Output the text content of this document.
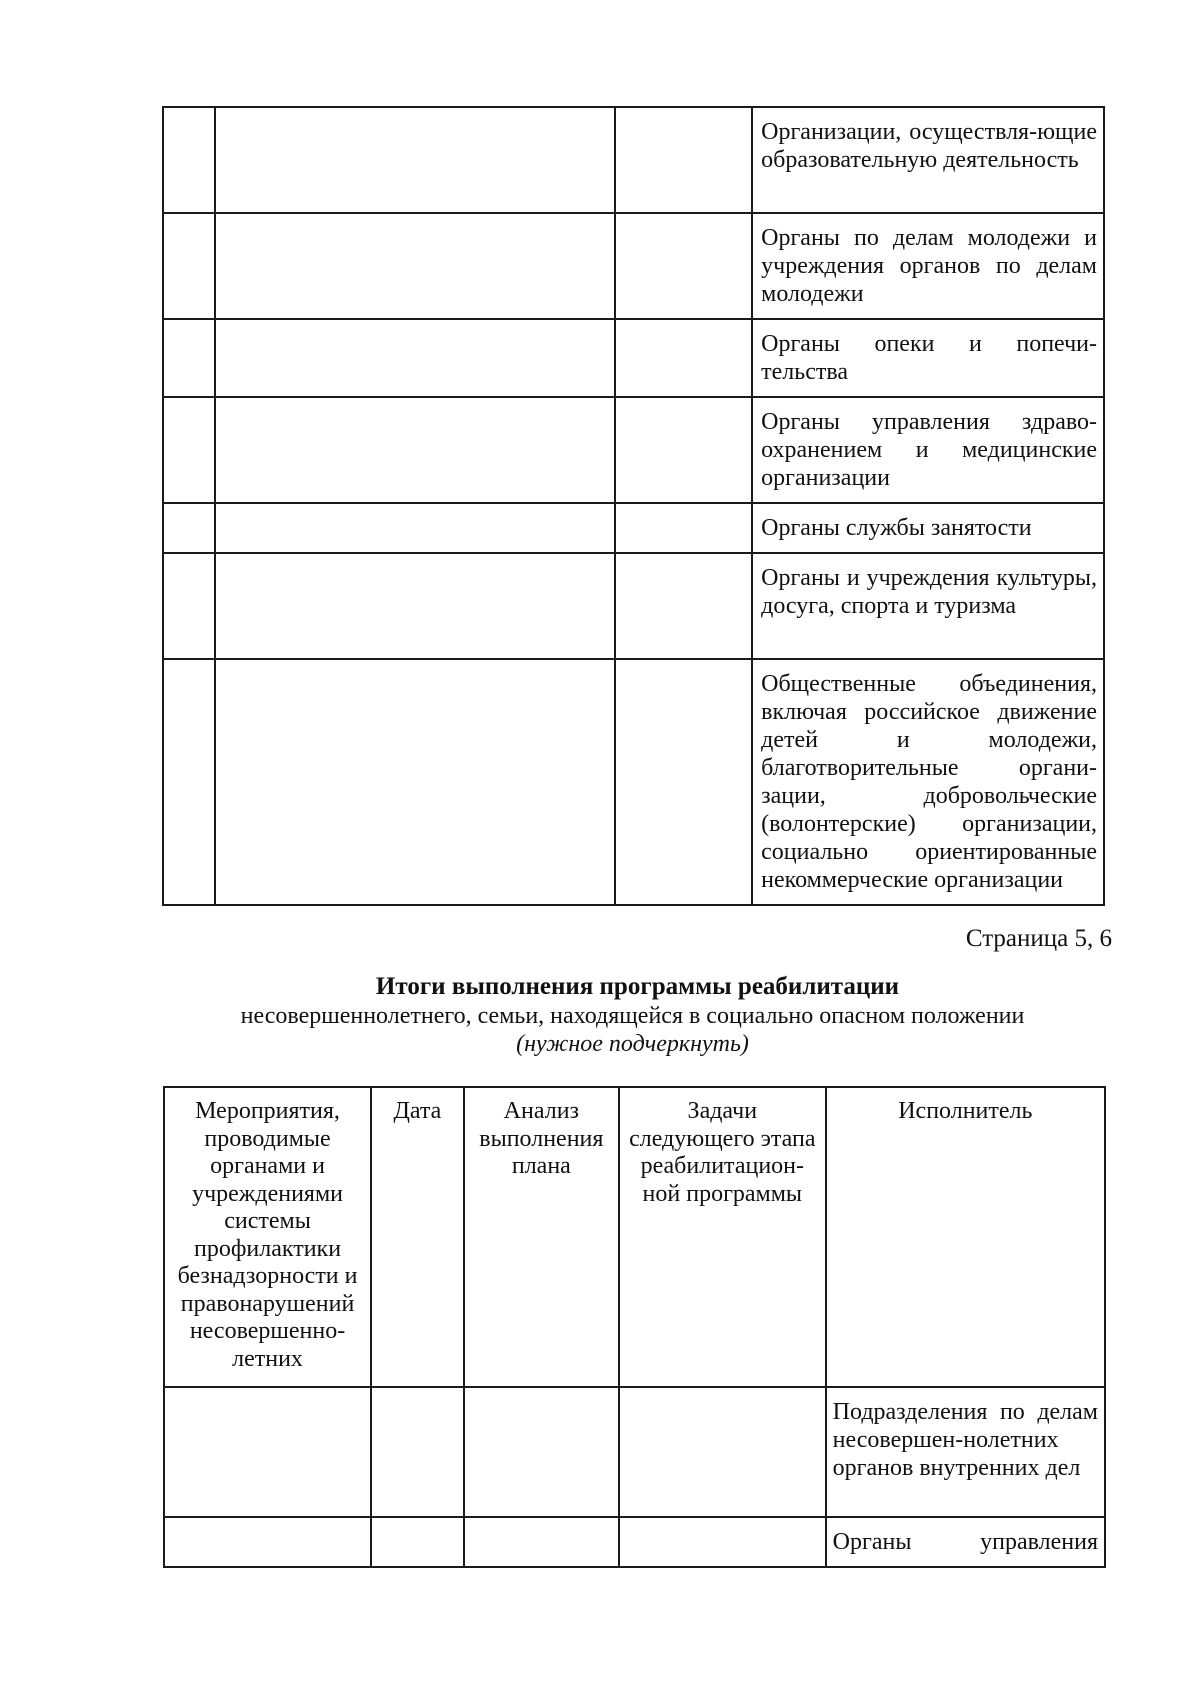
			Организации, осуществля-ющие образовательную деятельность

			Органы по делам молодежи и учреждения органов по делам молодежи

			Органы опеки и попечи-тельства

			Органы управления здраво-охранением и медицинские организации

			Органы службы занятости

			Органы и учреждения культуры, досуга, спорта и туризма

			Общественные объединения, включая российское движение детей и молодежи, благотворительные органи-зации, добровольческие (волонтерские) организации, социально ориентированные некоммерческие организации
Страница 5, 6
Итоги выполнения программы реабилитации
несовершеннолетнего, семьи, находящейся в социально опасном положении
(нужное подчеркнуть)
Мероприятия, проводимые органами и учреждениями системы профилактики безнадзорности и правонарушений несовершенно-летних	Дата	Анализ выполнения плана	Задачи следующего этапа реабилитацион-ной программы	Исполнитель

				Подразделения по делам несовершен-нолетних органов внутренних дел

				Органы управления
